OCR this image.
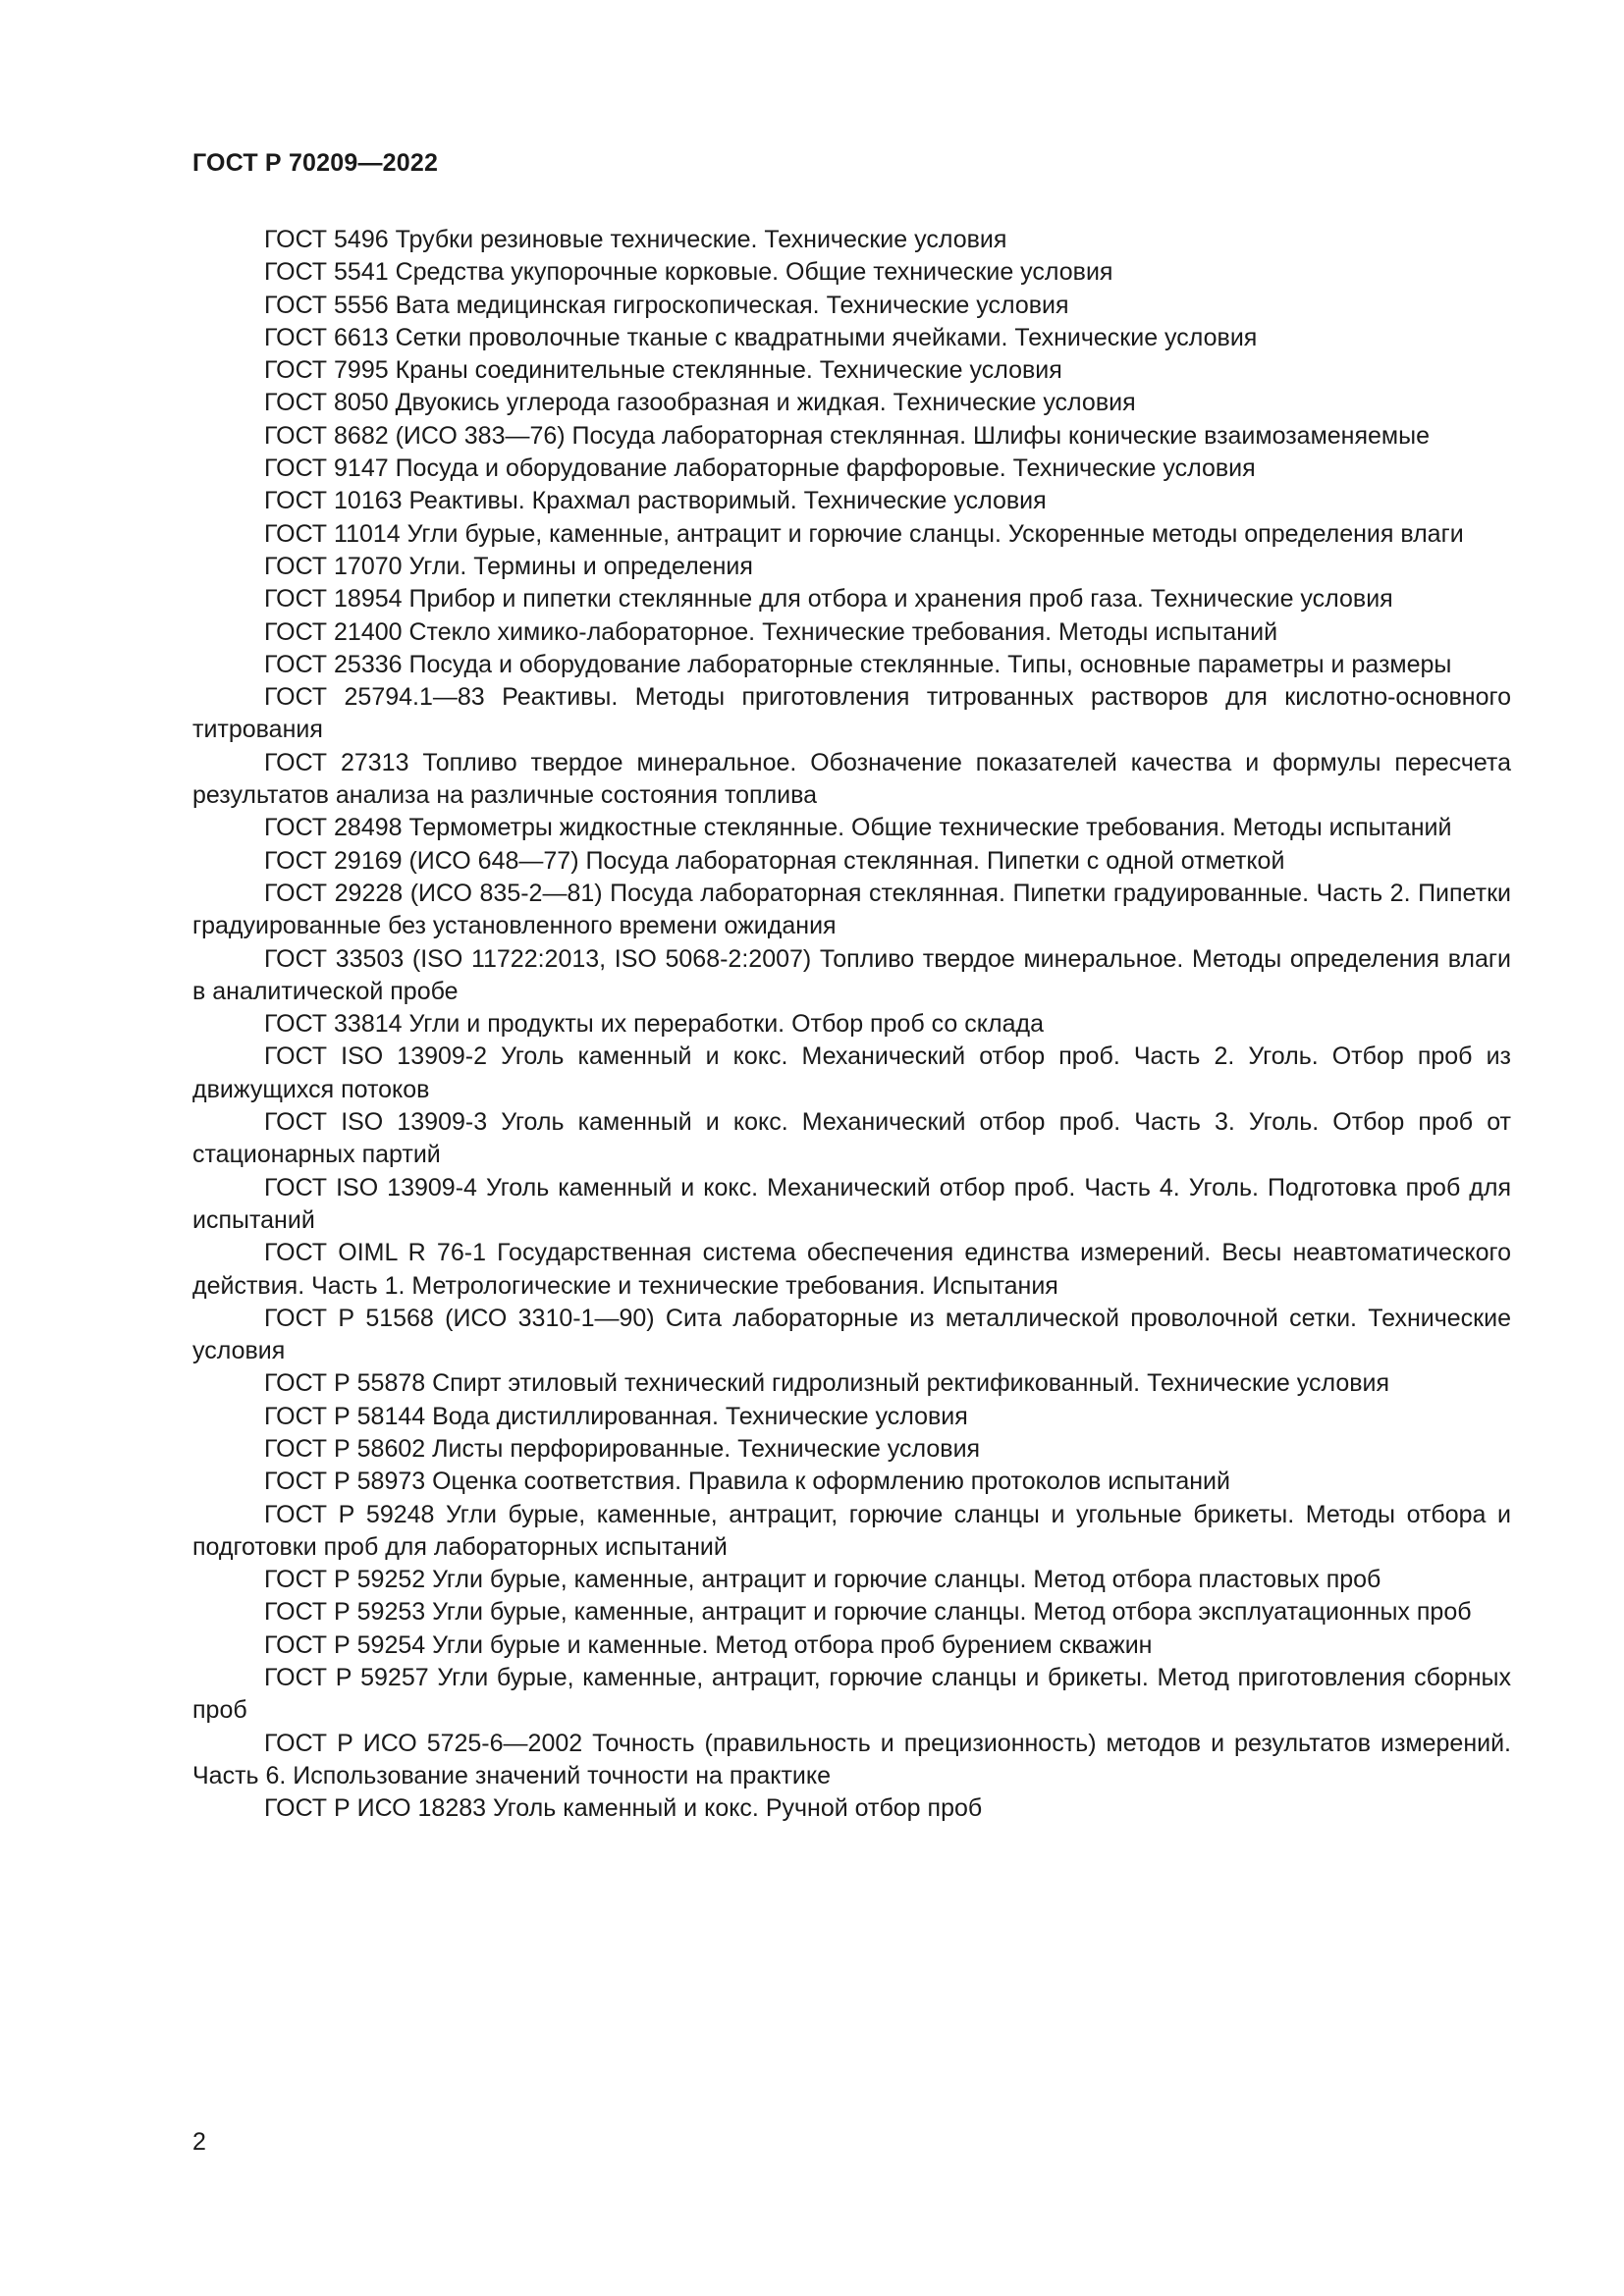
ГОСТ Р 70209—2022
ГОСТ 5496 Трубки резиновые технические. Технические условия
ГОСТ 5541 Средства укупорочные корковые. Общие технические условия
ГОСТ 5556 Вата медицинская гигроскопическая. Технические условия
ГОСТ 6613 Сетки проволочные тканые с квадратными ячейками. Технические условия
ГОСТ 7995 Краны соединительные стеклянные. Технические условия
ГОСТ 8050 Двуокись углерода газообразная и жидкая. Технические условия
ГОСТ 8682 (ИСО 383—76) Посуда лабораторная стеклянная. Шлифы конические взаимозаменяемые
ГОСТ 9147 Посуда и оборудование лабораторные фарфоровые. Технические условия
ГОСТ 10163 Реактивы. Крахмал растворимый. Технические условия
ГОСТ 11014 Угли бурые, каменные, антрацит и горючие сланцы. Ускоренные методы определения влаги
ГОСТ 17070 Угли. Термины и определения
ГОСТ 18954 Прибор и пипетки стеклянные для отбора и хранения проб газа. Технические условия
ГОСТ 21400 Стекло химико-лабораторное. Технические требования. Методы испытаний
ГОСТ 25336 Посуда и оборудование лабораторные стеклянные. Типы, основные параметры и размеры
ГОСТ 25794.1—83 Реактивы. Методы приготовления титрованных растворов для кислотно-основного титрования
ГОСТ 27313 Топливо твердое минеральное. Обозначение показателей качества и формулы пересчета результатов анализа на различные состояния топлива
ГОСТ 28498 Термометры жидкостные стеклянные. Общие технические требования. Методы испытаний
ГОСТ 29169 (ИСО 648—77) Посуда лабораторная стеклянная. Пипетки с одной отметкой
ГОСТ 29228 (ИСО 835-2—81) Посуда лабораторная стеклянная. Пипетки градуированные. Часть 2. Пипетки градуированные без установленного времени ожидания
ГОСТ 33503 (ISO 11722:2013, ISO 5068-2:2007) Топливо твердое минеральное. Методы определения влаги в аналитической пробе
ГОСТ 33814 Угли и продукты их переработки. Отбор проб со склада
ГОСТ ISO 13909-2 Уголь каменный и кокс. Механический отбор проб. Часть 2. Уголь. Отбор проб из движущихся потоков
ГОСТ ISO 13909-3 Уголь каменный и кокс. Механический отбор проб. Часть 3. Уголь. Отбор проб от стационарных партий
ГОСТ ISO 13909-4 Уголь каменный и кокс. Механический отбор проб. Часть 4. Уголь. Подготовка проб для испытаний
ГОСТ OIML R 76-1 Государственная система обеспечения единства измерений. Весы неавтоматического действия. Часть 1. Метрологические и технические требования. Испытания
ГОСТ Р 51568 (ИСО 3310-1—90) Сита лабораторные из металлической проволочной сетки. Технические условия
ГОСТ Р 55878 Спирт этиловый технический гидролизный ректификованный. Технические условия
ГОСТ Р 58144 Вода дистиллированная. Технические условия
ГОСТ Р 58602 Листы перфорированные. Технические условия
ГОСТ Р 58973 Оценка соответствия. Правила к оформлению протоколов испытаний
ГОСТ Р 59248 Угли бурые, каменные, антрацит, горючие сланцы и угольные брикеты. Методы отбора и подготовки проб для лабораторных испытаний
ГОСТ Р 59252 Угли бурые, каменные, антрацит и горючие сланцы. Метод отбора пластовых проб
ГОСТ Р 59253 Угли бурые, каменные, антрацит и горючие сланцы. Метод отбора эксплуатационных проб
ГОСТ Р 59254 Угли бурые и каменные. Метод отбора проб бурением скважин
ГОСТ Р 59257 Угли бурые, каменные, антрацит, горючие сланцы и брикеты. Метод приготовления сборных проб
ГОСТ Р ИСО 5725-6—2002 Точность (правильность и прецизионность) методов и результатов измерений. Часть 6. Использование значений точности на практике
ГОСТ Р ИСО 18283 Уголь каменный и кокс. Ручной отбор проб
2
